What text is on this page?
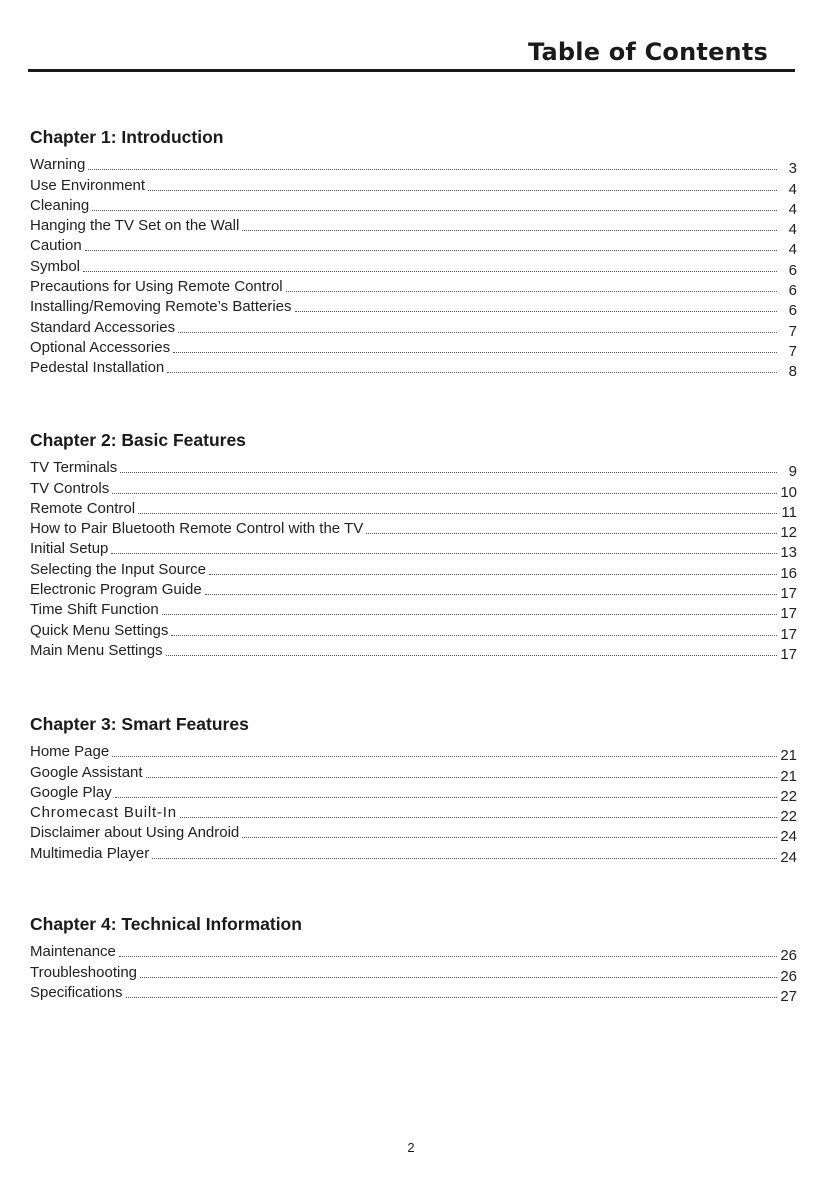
Table of Contents
Chapter 1: Introduction
Warning	3
Use Environment	4
Cleaning	4
Hanging the TV Set on the Wall	4
Caution	4
Symbol	6
Precautions for Using Remote Control	6
Installing/Removing Remote’s Batteries	6
Standard Accessories	7
Optional Accessories	7
Pedestal Installation	8
Chapter 2: Basic Features
TV Terminals	9
TV Controls	10
Remote Control	11
How to Pair Bluetooth Remote Control with the TV	12
Initial Setup	13
Selecting the Input Source	16
Electronic Program Guide	17
Time Shift Function	17
Quick Menu Settings	17
Main Menu Settings	17
Chapter 3: Smart Features
Home Page	21
Google Assistant	21
Google Play	22
Chromecast Built-In	22
Disclaimer about Using Android	24
Multimedia Player	24
Chapter 4: Technical Information
Maintenance	26
Troubleshooting	26
Specifications	27
2
